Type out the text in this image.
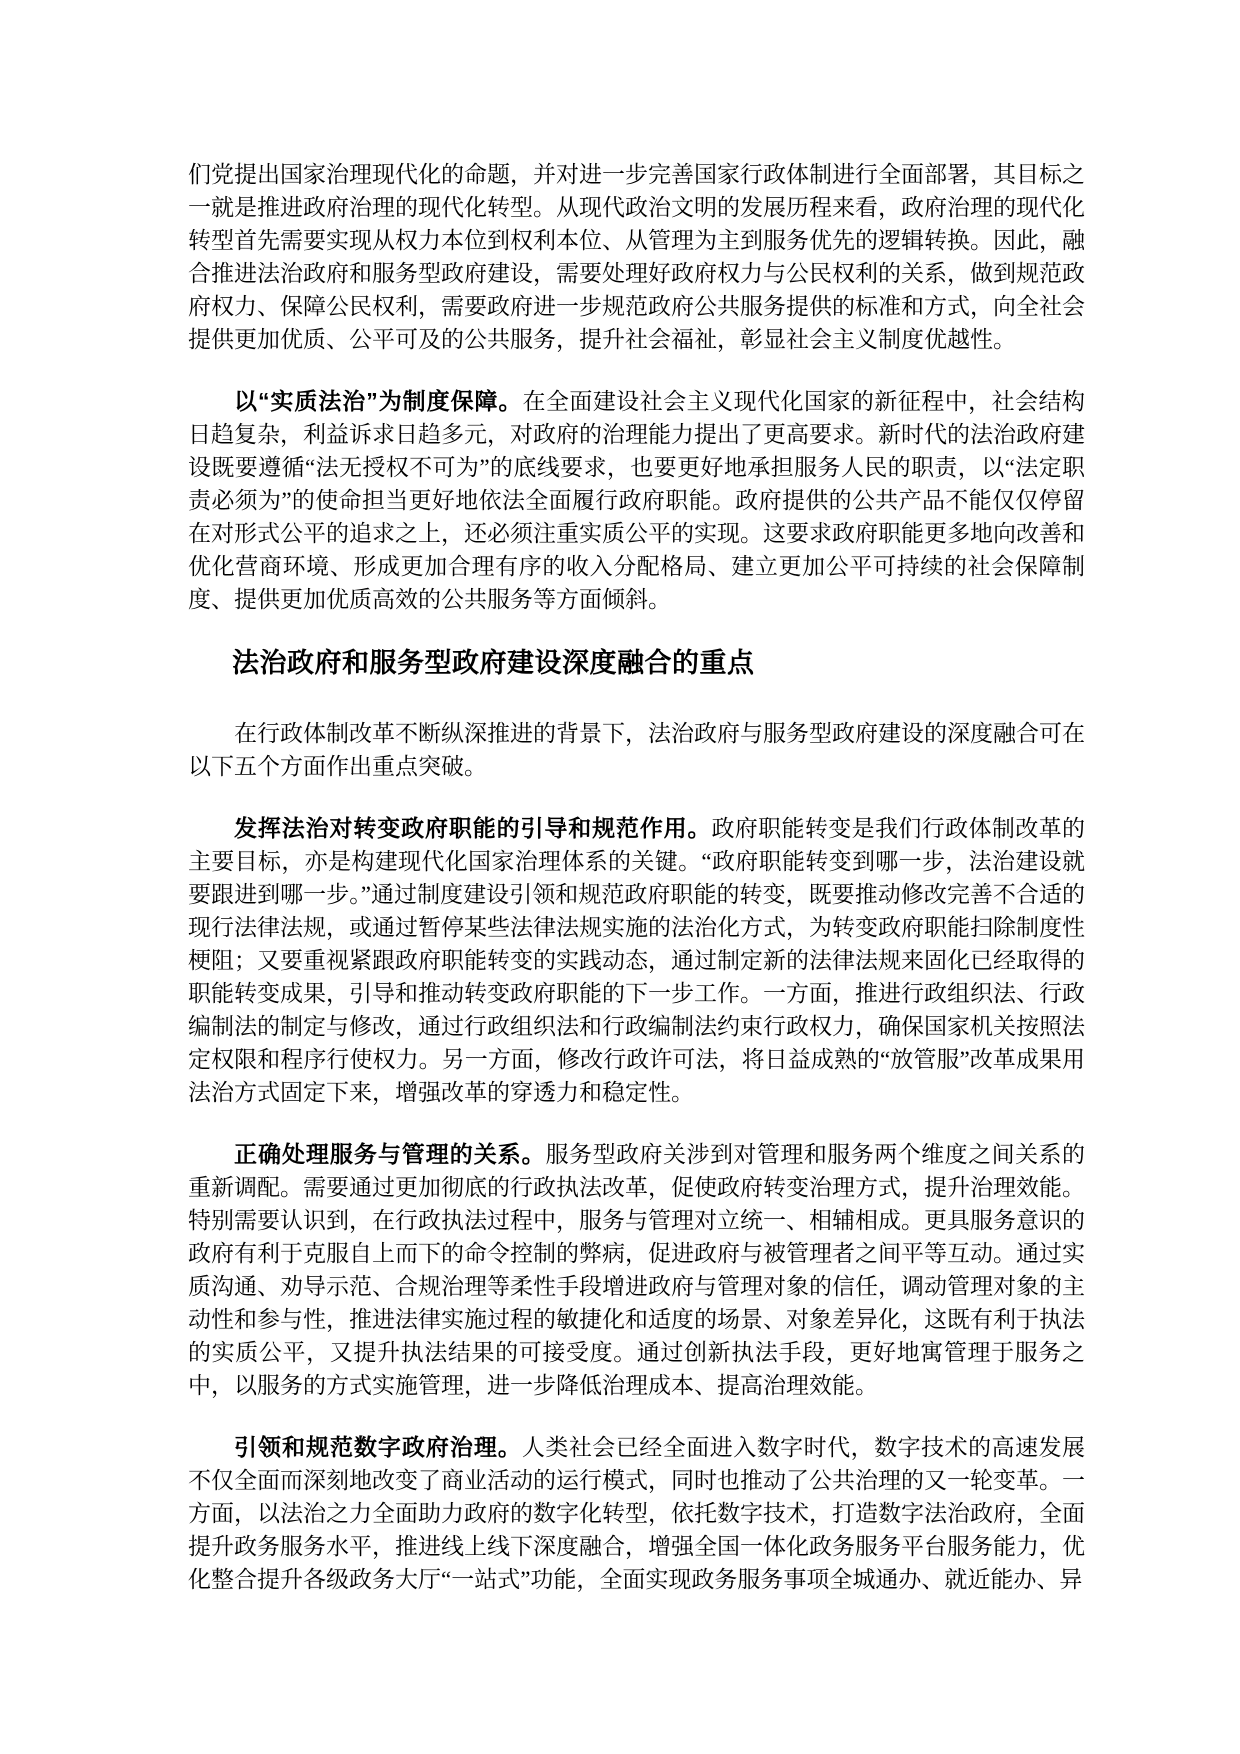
们党提出国家治理现代化的命题，并对进一步完善国家行政体制进行全面部署，其目标之一就是推进政府治理的现代化转型。从现代政治文明的发展历程来看，政府治理的现代化转型首先需要实现从权力本位到权利本位、从管理为主到服务优先的逻辑转换。因此，融合推进法治政府和服务型政府建设，需要处理好政府权力与公民权利的关系，做到规范政府权力、保障公民权利，需要政府进一步规范政府公共服务提供的标准和方式，向全社会提供更加优质、公平可及的公共服务，提升社会福祉，彰显社会主义制度优越性。

以“实质法治”为制度保障。在全面建设社会主义现代化国家的新征程中，社会结构日趋复杂，利益诉求日趋多元，对政府的治理能力提出了更高要求。新时代的法治政府建设既要遵循“法无授权不可为”的底线要求，也要更好地承担服务人民的职责，以“法定职责必须为”的使命担当更好地依法全面履行政府职能。政府提供的公共产品不能仅仅停留在对形式公平的追求之上，还必须注重实质公平的实现。这要求政府职能更多地向改善和优化营商环境、形成更加合理有序的收入分配格局、建立更加公平可持续的社会保障制度、提供更加优质高效的公共服务等方面倾斜。

法治政府和服务型政府建设深度融合的重点

在行政体制改革不断纵深推进的背景下，法治政府与服务型政府建设的深度融合可在以下五个方面作出重点突破。

发挥法治对转变政府职能的引导和规范作用。政府职能转变是我们行政体制改革的主要目标，亦是构建现代化国家治理体系的关键。“政府职能转变到哪一步，法治建设就要跟进到哪一步。”通过制度建设引领和规范政府职能的转变，既要推动修改完善不合适的现行法律法规，或通过暂停某些法律法规实施的法治化方式，为转变政府职能扫除制度性梗阻；又要重视紧跟政府职能转变的实践动态，通过制定新的法律法规来固化已经取得的职能转变成果，引导和推动转变政府职能的下一步工作。一方面，推进行政组织法、行政编制法的制定与修改，通过行政组织法和行政编制法约束行政权力，确保国家机关按照法定权限和程序行使权力。另一方面，修改行政许可法，将日益成熟的“放管服”改革成果用法治方式固定下来，增强改革的穿透力和稳定性。

正确处理服务与管理的关系。服务型政府关涉到对管理和服务两个维度之间关系的重新调配。需要通过更加彻底的行政执法改革，促使政府转变治理方式，提升治理效能。特别需要认识到，在行政执法过程中，服务与管理对立统一、相辅相成。更具服务意识的政府有利于克服自上而下的命令控制的弊病，促进政府与被管理者之间平等互动。通过实质沟通、劝导示范、合规治理等柔性手段增进政府与管理对象的信任，调动管理对象的主动性和参与性，推进法律实施过程的敏捷化和适度的场景、对象差异化，这既有利于执法的实质公平，又提升执法结果的可接受度。通过创新执法手段，更好地寓管理于服务之中，以服务的方式实施管理，进一步降低治理成本、提高治理效能。

引领和规范数字政府治理。人类社会已经全面进入数字时代，数字技术的高速发展不仅全面而深刻地改变了商业活动的运行模式，同时也推动了公共治理的又一轮变革。一方面，以法治之力全面助力政府的数字化转型，依托数字技术，打造数字法治政府，全面提升政务服务水平，推进线上线下深度融合，增强全国一体化政务服务平台服务能力，优化整合提升各级政务大厅“一站式”功能，全面实现政务服务事项全城通办、就近能办、异
